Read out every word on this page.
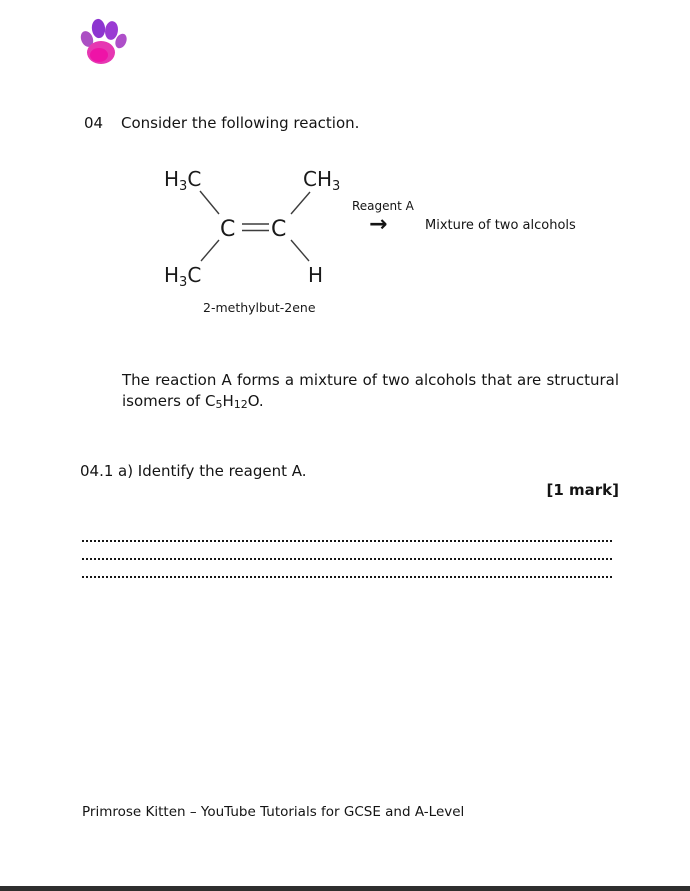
04 Consider the following reaction.
$H_3C$	$CH_3$
C C
$H_3C$	H
2-methylbut-2ene
Reagent A
→	Mixture of two alcohols
The reaction A forms a mixture of two alcohols that are structural
isomers of C5H12O.
04.1 a) Identify the reagent A.
[1 mark]
Primrose Kitten – YouTube Tutorials for GCSE and A-Level
